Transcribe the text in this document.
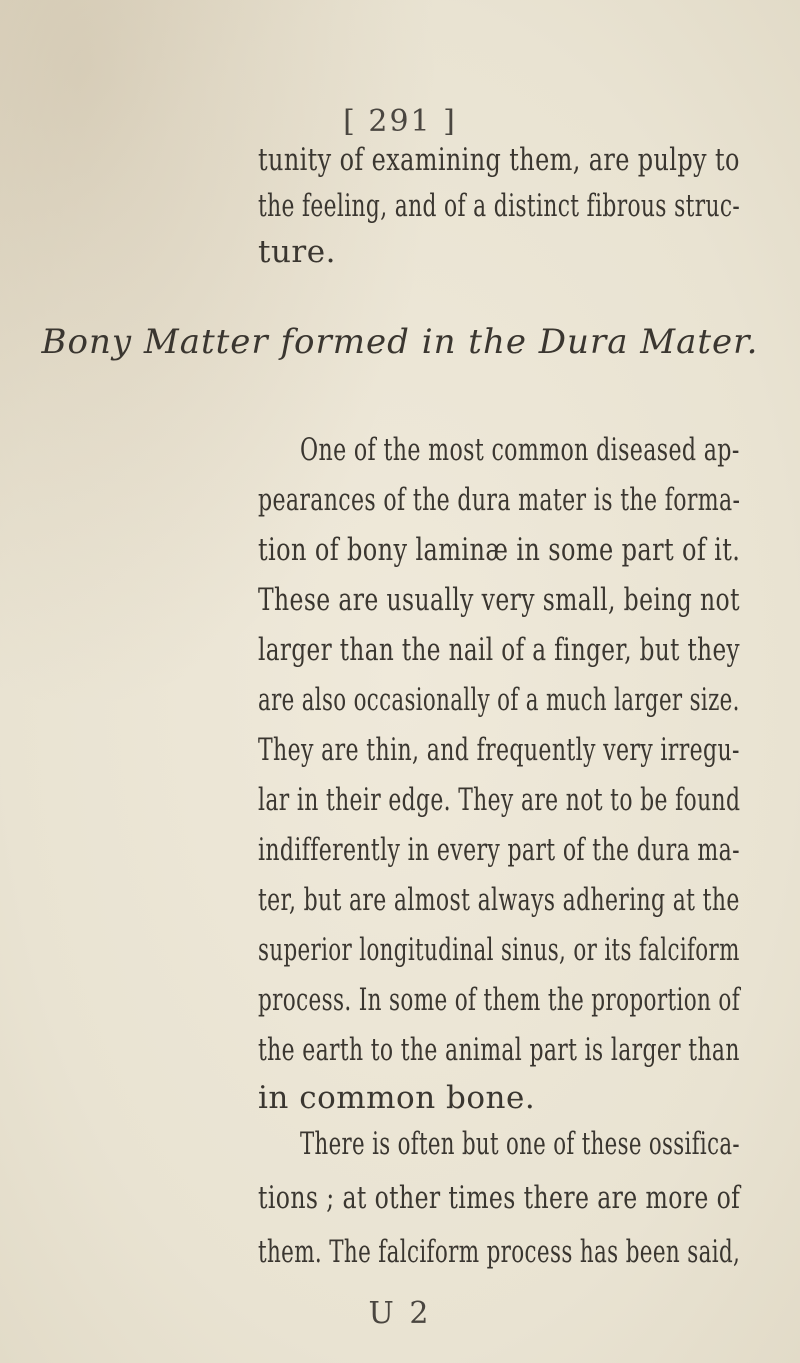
[ 291 ]
tunity of examining them, are pulpy to
the feeling, and of a distinct fibrous struc-
ture.
One of the most common diseased ap-
pearances of the dura mater is the forma-
tion of bony laminæ in some part of it.
These are usually very small, being not
larger than the nail of a finger, but they
are also occasionally of a much larger size.
They are thin, and frequently very irregu-
lar in their edge. They are not to be found
indifferently in every part of the dura ma-
ter, but are almost always adhering at the
superior longitudinal sinus, or its falciform
process. In some of them the proportion of
the earth to the animal part is larger than
in common bone.
There is often but one of these ossifica-
tions ; at other times there are more of
them. The falciform process has been said,
Bony Matter formed in the Dura Mater.
U 2
